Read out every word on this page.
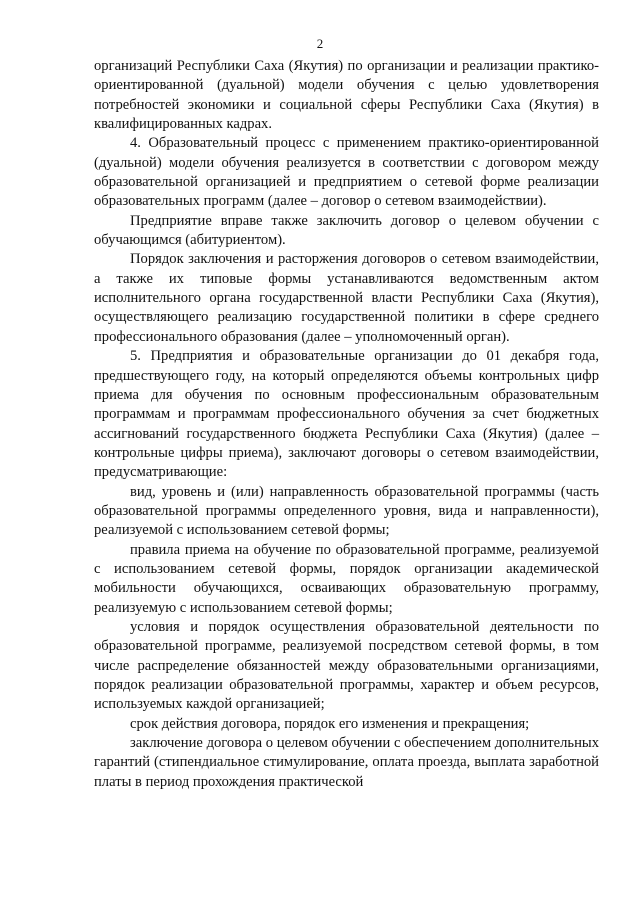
2

организаций Республики Саха (Якутия) по организации и реализации практико-ориентированной (дуальной) модели обучения с целью удовлетворения потребностей экономики и социальной сферы Республики Саха (Якутия) в квалифицированных кадрах.

4. Образовательный процесс с применением практико-ориентированной (дуальной) модели обучения реализуется в соответствии с договором между образовательной организацией и предприятием о сетевой форме реализации образовательных программ (далее – договор о сетевом взаимодействии).

Предприятие вправе также заключить договор о целевом обучении с обучающимся (абитуриентом).

Порядок заключения и расторжения договоров о сетевом взаимодействии, а также их типовые формы устанавливаются ведомственным актом исполнительного органа государственной власти Республики Саха (Якутия), осуществляющего реализацию государственной политики в сфере среднего профессионального образования (далее – уполномоченный орган).

5. Предприятия и образовательные организации до 01 декабря года, предшествующего году, на который определяются объемы контрольных цифр приема для обучения по основным профессиональным образовательным программам и программам профессионального обучения за счет бюджетных ассигнований государственного бюджета Республики Саха (Якутия) (далее – контрольные цифры приема), заключают договоры о сетевом взаимодействии, предусматривающие:

вид, уровень и (или) направленность образовательной программы (часть образовательной программы определенного уровня, вида и направленности), реализуемой с использованием сетевой формы;

правила приема на обучение по образовательной программе, реализуемой с использованием сетевой формы, порядок организации академической мобильности обучающихся, осваивающих образовательную программу, реализуемую с использованием сетевой формы;

условия и порядок осуществления образовательной деятельности по образовательной программе, реализуемой посредством сетевой формы, в том числе распределение обязанностей между образовательными организациями, порядок реализации образовательной программы, характер и объем ресурсов, используемых каждой организацией;

срок действия договора, порядок его изменения и прекращения;

заключение договора о целевом обучении с обеспечением дополнительных гарантий (стипендиальное стимулирование, оплата проезда, выплата заработной платы в период прохождения практической
